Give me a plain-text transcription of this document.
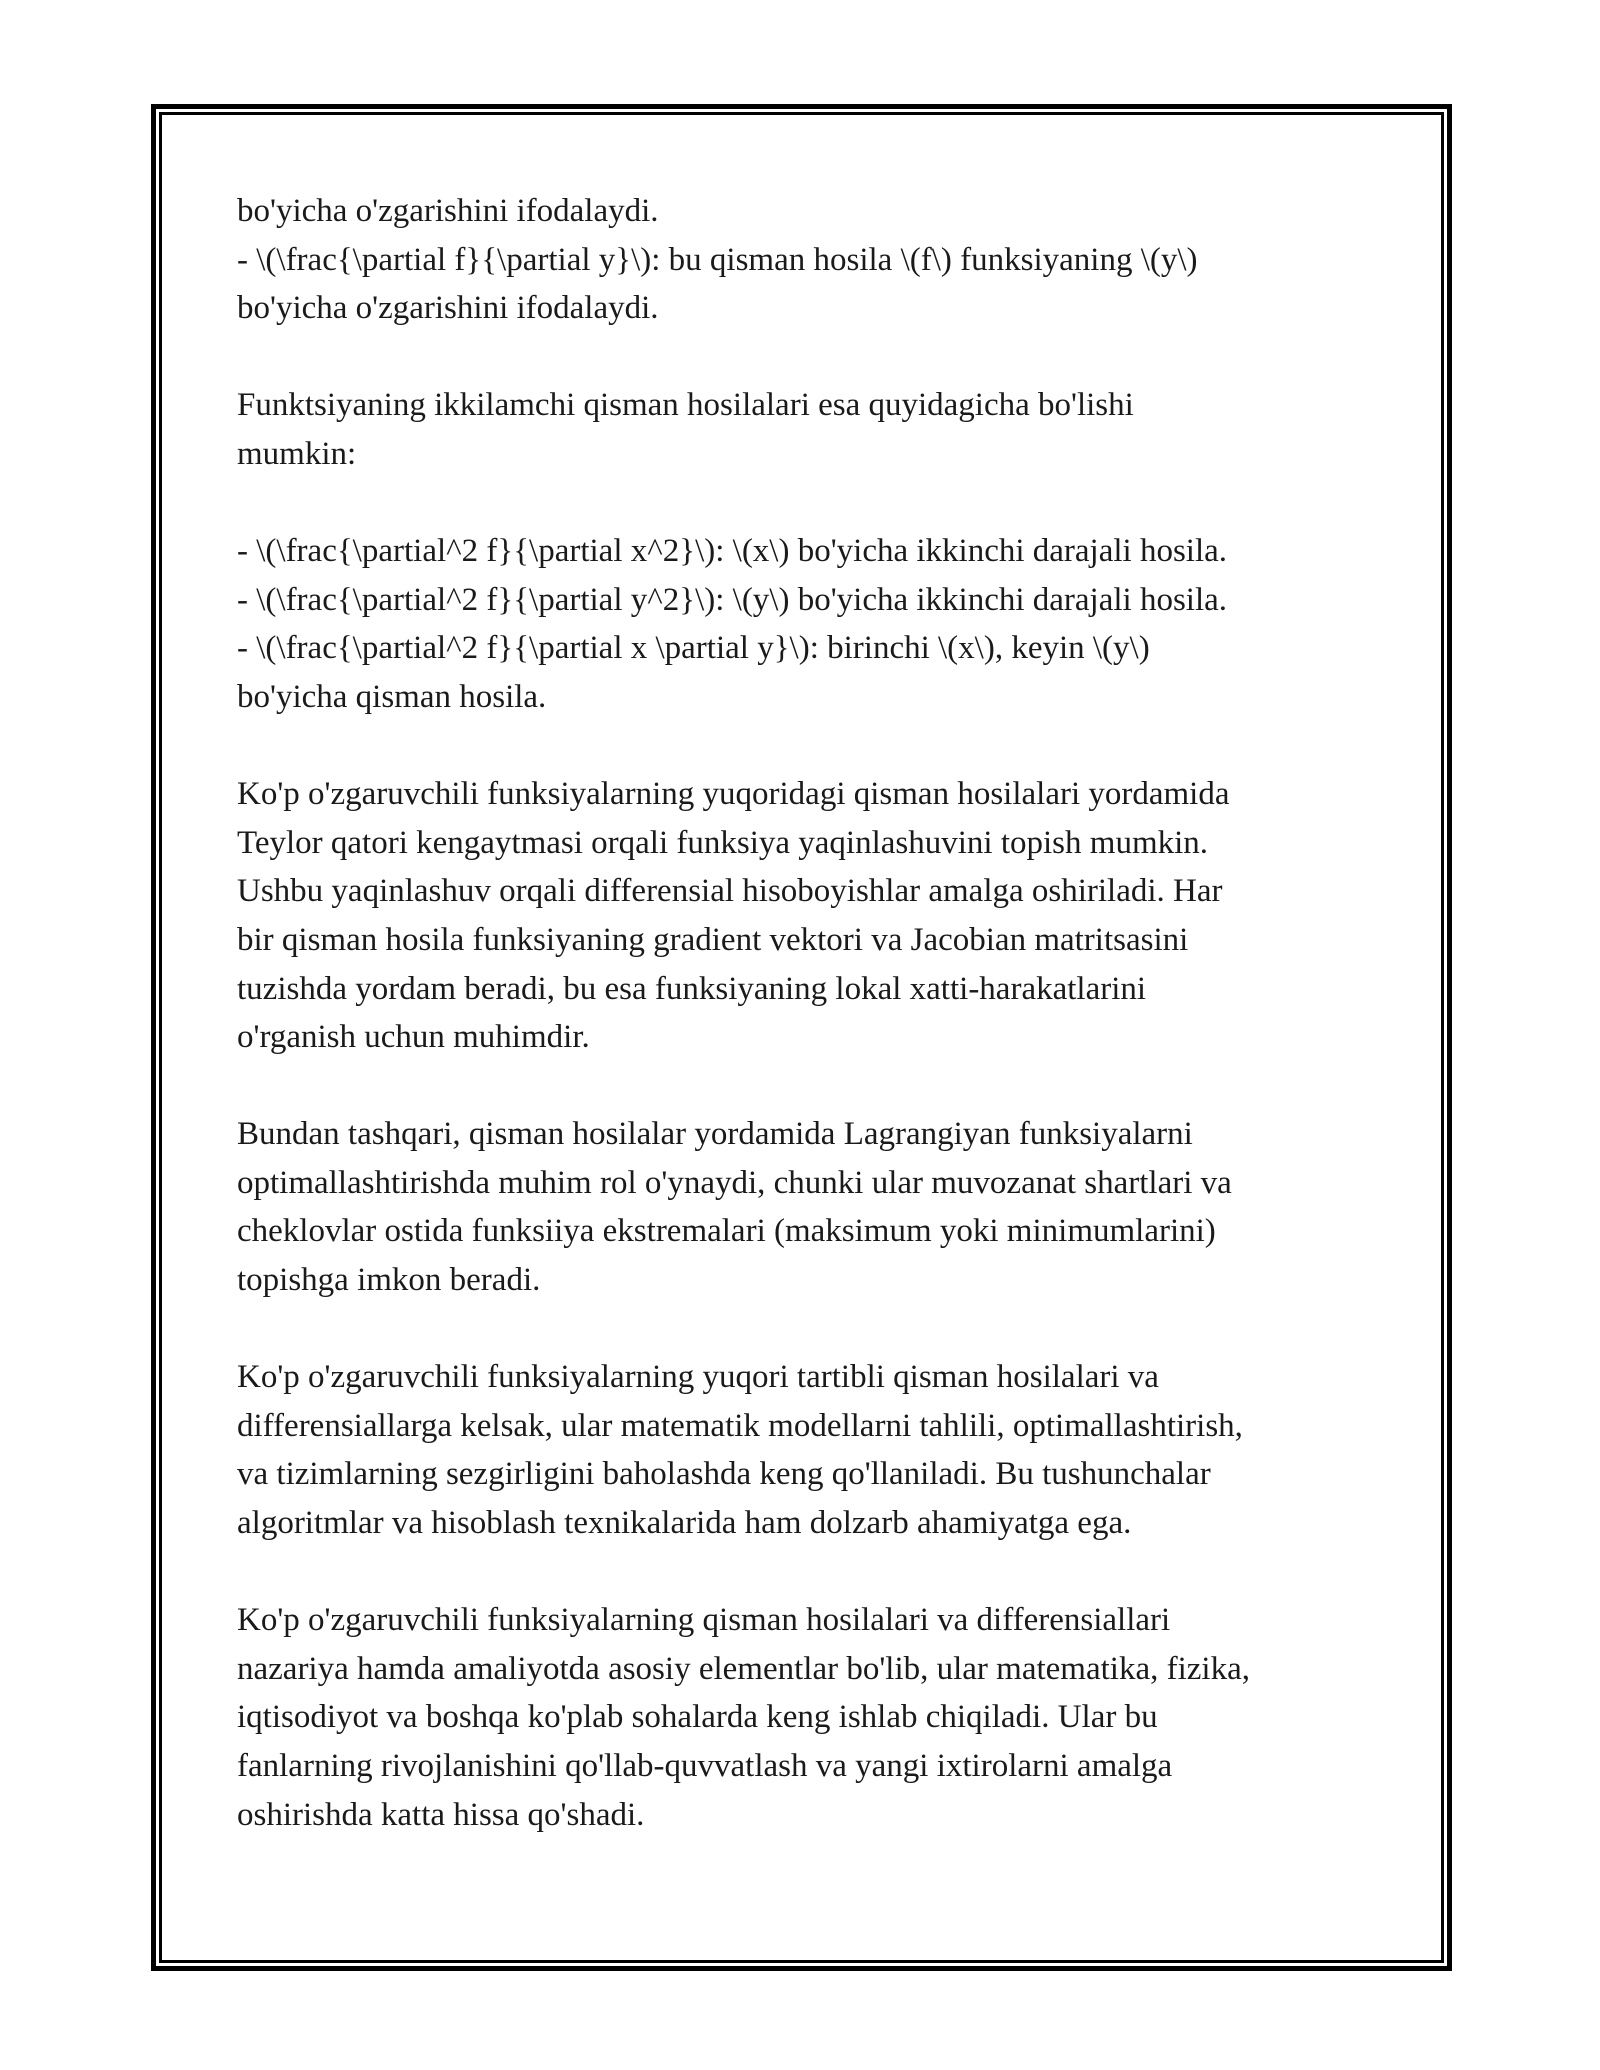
bo'yicha o'zgarishini ifodalaydi.
- \(\frac{\partial f}{\partial y}\): bu qisman hosila \(f\) funksiyaning \(y\)
bo'yicha o'zgarishini ifodalaydi.

Funktsiyaning ikkilamchi qisman hosilalari esa quyidagicha bo'lishi
mumkin:

- \(\frac{\partial^2 f}{\partial x^2}\): \(x\) bo'yicha ikkinchi darajali hosila.
- \(\frac{\partial^2 f}{\partial y^2}\): \(y\) bo'yicha ikkinchi darajali hosila.
- \(\frac{\partial^2 f}{\partial x \partial y}\): birinchi \(x\), keyin \(y\)
bo'yicha qisman hosila.

Ko'p o'zgaruvchili funksiyalarning yuqoridagi qisman hosilalari yordamida
Teylor qatori kengaytmasi orqali funksiya yaqinlashuvini topish mumkin.
Ushbu yaqinlashuv orqali differensial hisoboyishlar amalga oshiriladi. Har
bir qisman hosila funksiyaning gradient vektori va Jacobian matritsasini
tuzishda yordam beradi, bu esa funksiyaning lokal xatti-harakatlarini
o'rganish uchun muhimdir.

Bundan tashqari, qisman hosilalar yordamida Lagrangiyan funksiyalarni
optimallashtirishda muhim rol o'ynaydi, chunki ular muvozanat shartlari va
cheklovlar ostida funksiiya ekstremalari (maksimum yoki minimumlarini)
topishga imkon beradi.

Ko'p o'zgaruvchili funksiyalarning yuqori tartibli qisman hosilalari va
differensiallarga kelsak, ular matematik modellarni tahlili, optimallashtirish,
va tizimlarning sezgirligini baholashda keng qo'llaniladi. Bu tushunchalar
algoritmlar va hisoblash texnikalarida ham dolzarb ahamiyatga ega.

Ko'p o'zgaruvchili funksiyalarning qisman hosilalari va differensiallari
nazariya hamda amaliyotda asosiy elementlar bo'lib, ular matematika, fizika,
iqtisodiyot va boshqa ko'plab sohalarda keng ishlab chiqiladi. Ular bu
fanlarning rivojlanishini qo'llab-quvvatlash va yangi ixtirolarni amalga
oshirishda katta hissa qo'shadi.
